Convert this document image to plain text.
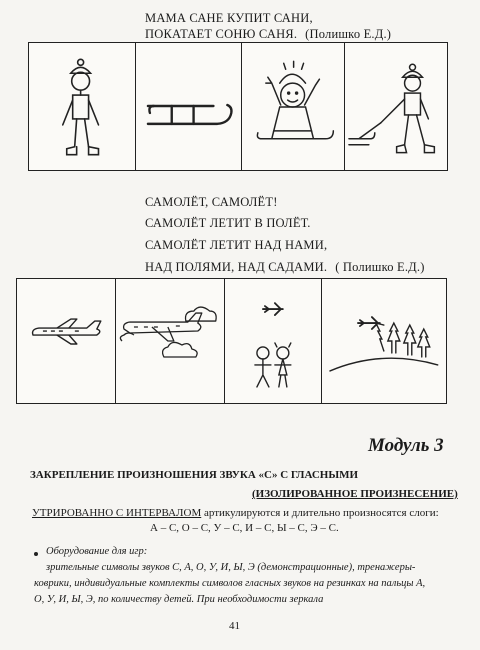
МАМА САНЕ КУПИТ САНИ,
ПОКАТАЕТ СОНЮ САНЯ. (Полишко Е.Д.)
САМОЛЁТ, САМОЛЁТ!
САМОЛЁТ ЛЕТИТ В ПОЛЁТ.
САМОЛЁТ ЛЕТИТ НАД НАМИ,
НАД ПОЛЯМИ, НАД САДАМИ. ( Полишко Е.Д.)
Модуль 3
ЗАКРЕПЛЕНИЕ ПРОИЗНОШЕНИЯ ЗВУКА «С» С ГЛАСНЫМИ
(ИЗОЛИРОВАННОЕ ПРОИЗНЕСЕНИЕ)
УТРИРОВАННО С ИНТЕРВАЛОМ артикулируются и длительно произносятся слоги:
А – С, О – С, У – С, И – С, Ы – С, Э – С.
Оборудование для игр:
зрительные символы звуков С, А, О, У, И, Ы, Э (демонстрационные), тренажеры-
коврики, индивидуальные комплекты символов гласных звуков на резинках на пальцы А,
О, У, И, Ы, Э, по количеству детей. При необходимости зеркала
41
